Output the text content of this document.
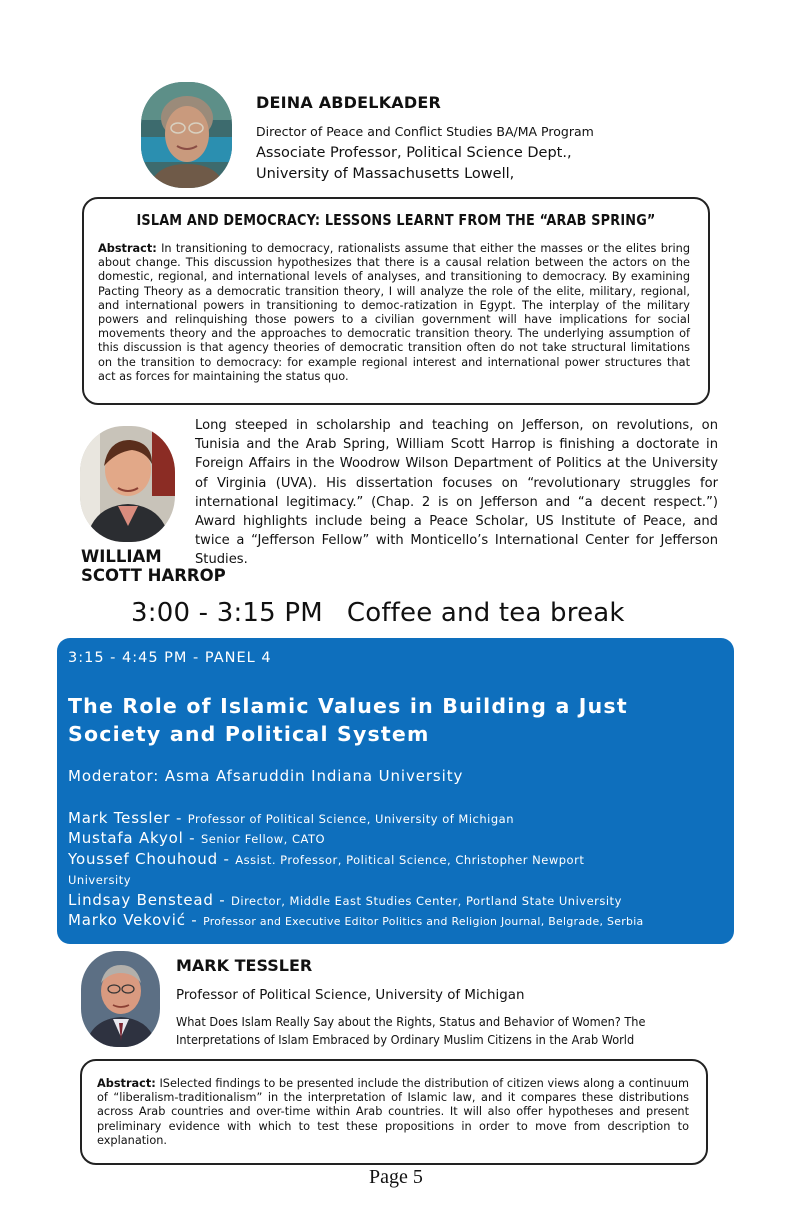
DEINA ABDELKADER
Director of Peace and Conflict Studies BA/MA Program
Associate Professor, Political Science Dept.,
University of Massachusetts Lowell,
ISLAM AND DEMOCRACY: LESSONS LEARNT FROM THE “ARAB SPRING”
Abstract: In transitioning to democracy, rationalists assume that either the masses or the elites bring about change. This discussion hypothesizes that there is a causal relation between the actors on the domestic, regional, and international levels of analyses, and transitioning to democracy. By examining Pacting Theory as a democratic transition theory, I will analyze the role of the elite, military, regional, and international powers in transitioning to democ-ratization in Egypt. The interplay of the military powers and relinquishing those powers to a civilian government will have implications for social movements theory and the approaches to democratic transition theory. The underlying assumption of this discussion is that agency theories of democratic transition often do not take structural limitations on the transition to democracy: for example regional interest and international power structures that act as forces for maintaining the status quo.
Long steeped in scholarship and teaching on Jefferson, on revolutions, on Tunisia and the Arab Spring, William Scott Harrop is finishing a doctorate in Foreign Affairs in the Woodrow Wilson Department of Politics at the University of Virginia (UVA). His dissertation focuses on “revolutionary struggles for international legitimacy.” (Chap. 2 is on Jefferson and “a decent respect.”) Award highlights include being a Peace Scholar, US Institute of Peace, and twice a “Jefferson Fellow” with Monticello’s International Center for Jefferson Studies.
WILLIAM
SCOTT HARROP
3:00 - 3:15 PM Coffee and tea break
3:15 - 4:45 PM - PANEL 4
The Role of Islamic Values in Building a Just
Society and Political System
Moderator: Asma Afsaruddin Indiana University
Mark Tessler - Professor of Political Science, University of Michigan
Mustafa Akyol - Senior Fellow, CATO
Youssef Chouhoud - Assist. Professor, Political Science, Christopher Newport
University
Lindsay Benstead - Director, Middle East Studies Center, Portland State University
Marko Veković - Professor and Executive Editor Politics and Religion Journal, Belgrade, Serbia
MARK TESSLER
Professor of Political Science, University of Michigan
What Does Islam Really Say about the Rights, Status and Behavior of Women? The
Interpretations of Islam Embraced by Ordinary Muslim Citizens in the Arab World
Abstract: ISelected findings to be presented include the distribution of citizen views along a continuum of “liberalism-traditionalism” in the interpretation of Islamic law, and it compares these distributions across Arab countries and over-time within Arab countries. It will also offer hypotheses and present preliminary evidence with which to test these propositions in order to move from description to explanation.
Page 5
